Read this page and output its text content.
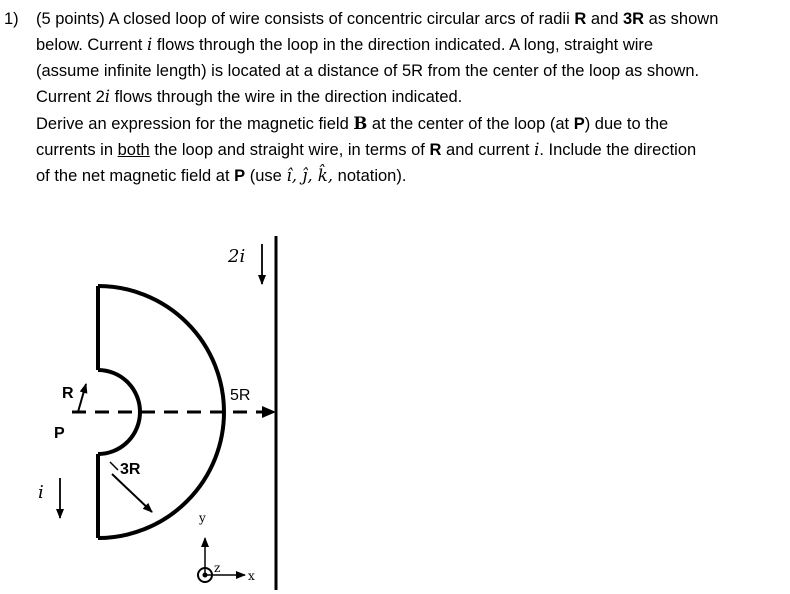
1) (5 points) A closed loop of wire consists of concentric circular arcs of radii R and 3R as shown
below. Current i flows through the loop in the direction indicated. A long, straight wire
(assume infinite length) is located at a distance of 5R from the center of the loop as shown.
Current 2i flows through the wire in the direction indicated.
Derive an expression for the magnetic field B at the center of the loop (at P) due to the
currents in both the loop and straight wire, in terms of R and current i. Include the direction
of the net magnetic field at P (use î, ĵ, k̂, notation).
2i
i
R
3R
5R
P
y
x
z
